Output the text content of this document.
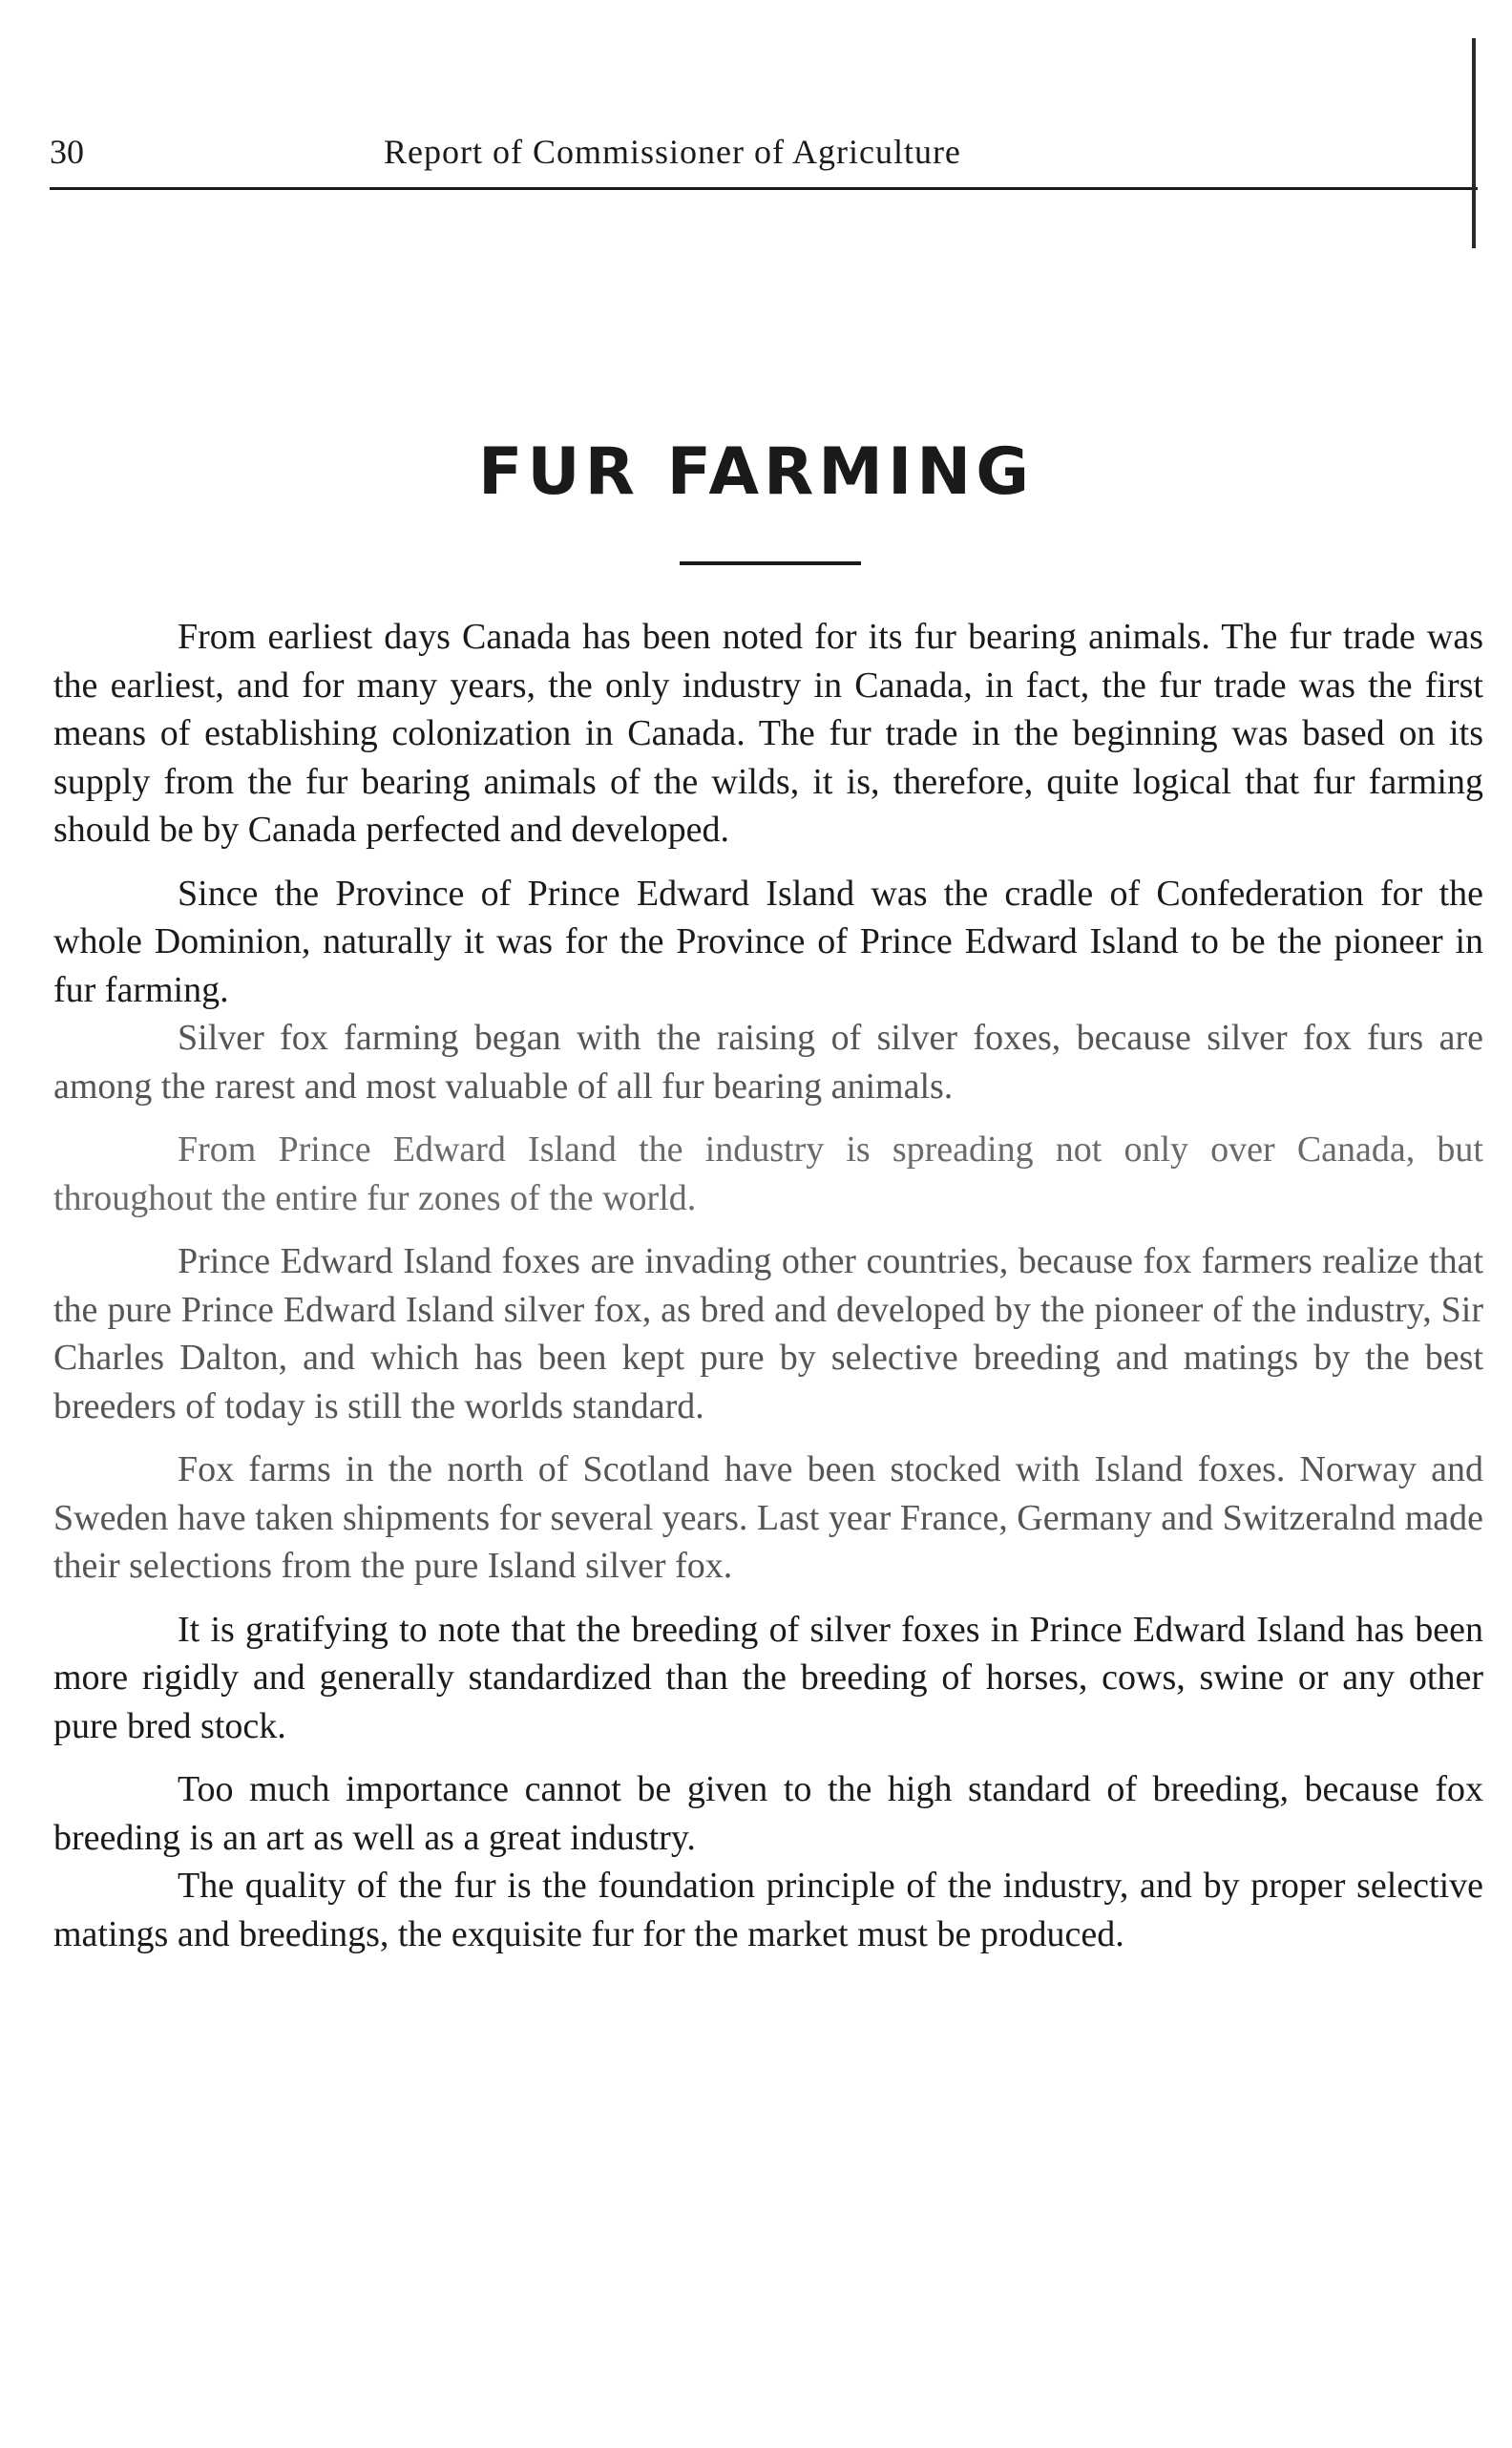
30	Report of Commissioner of Agriculture
FUR FARMING

From earliest days Canada has been noted for its fur bearing animals. The fur trade was the earliest, and for many years, the only industry in Canada, in fact, the fur trade was the first means of establishing colonization in Canada. The fur trade in the beginning was based on its supply from the fur bearing animals of the wilds, it is, therefore, quite logical that fur farming should be by Canada perfected and developed.

Since the Province of Prince Edward Island was the cradle of Confederation for the whole Dominion, naturally it was for the Province of Prince Edward Island to be the pioneer in fur farming.

Silver fox farming began with the raising of silver foxes, because silver fox furs are among the rarest and most valuable of all fur bearing animals.

From Prince Edward Island the industry is spreading not only over Canada, but throughout the entire fur zones of the world.

Prince Edward Island foxes are invading other countries, because fox farmers realize that the pure Prince Edward Island silver fox, as bred and developed by the pioneer of the industry, Sir Charles Dalton, and which has been kept pure by selective breeding and matings by the best breeders of today is still the worlds standard.

Fox farms in the north of Scotland have been stocked with Island foxes. Norway and Sweden have taken shipments for several years. Last year France, Germany and Switzeralnd made their selections from the pure Island silver fox.

It is gratifying to note that the breeding of silver foxes in Prince Edward Island has been more rigidly and generally standardized than the breeding of horses, cows, swine or any other pure bred stock.

Too much importance cannot be given to the high standard of breeding, because fox breeding is an art as well as a great industry.

The quality of the fur is the foundation principle of the industry, and by proper selective matings and breedings, the exquisite fur for the market must be produced.
